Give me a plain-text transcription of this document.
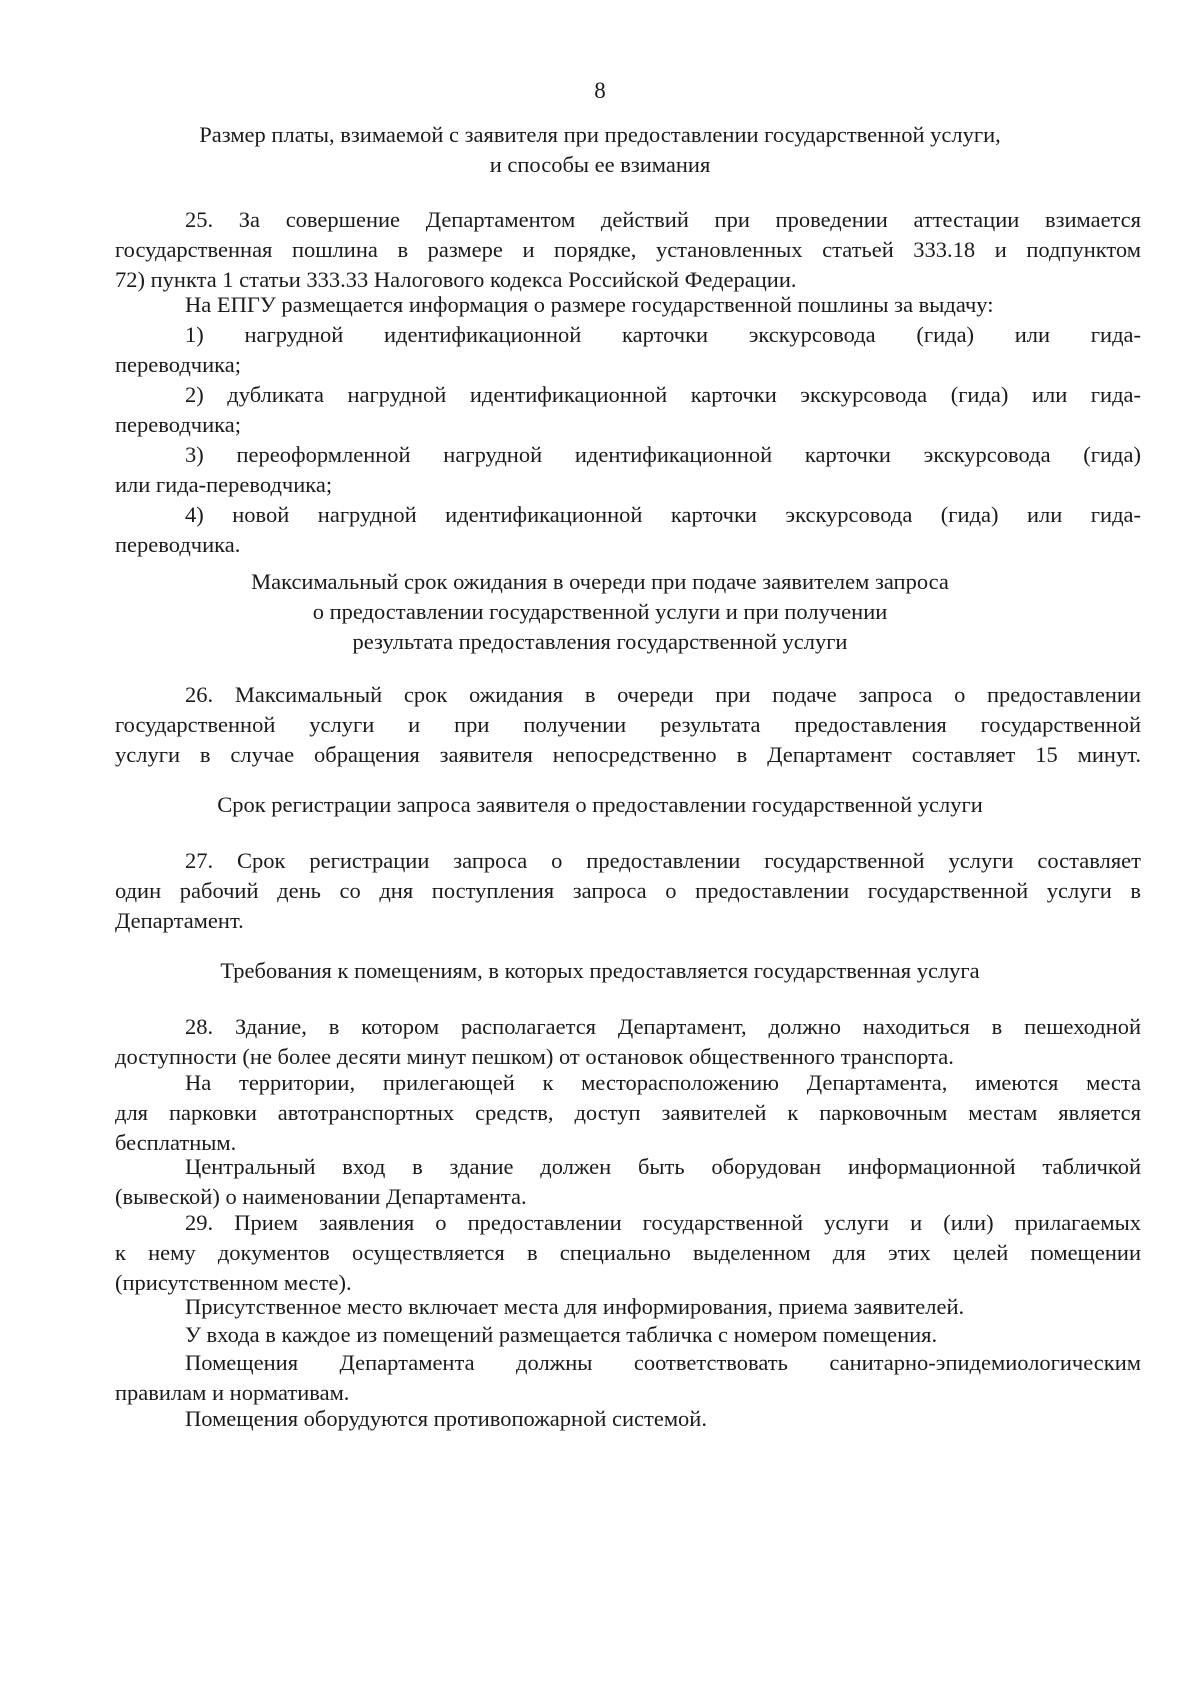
8
Размер платы, взимаемой с заявителя при предоставлении государственной услуги,
и способы ее взимания
25. За совершение Департаментом действий при проведении аттестации взимается
государственная пошлина в размере и порядке, установленных статьей 333.18 и подпунктом
72) пункта 1 статьи 333.33 Налогового кодекса Российской Федерации.
На ЕПГУ размещается информация о размере государственной пошлины за выдачу:
1) нагрудной идентификационной карточки экскурсовода (гида) или гида-
переводчика;
2) дубликата нагрудной идентификационной карточки экскурсовода (гида) или гида-
переводчика;
3) переоформленной нагрудной идентификационной карточки экскурсовода (гида)
или гида-переводчика;
4) новой нагрудной идентификационной карточки экскурсовода (гида) или гида-
переводчика.
Максимальный срок ожидания в очереди при подаче заявителем запроса
о предоставлении государственной услуги и при получении
результата предоставления государственной услуги
26. Максимальный срок ожидания в очереди при подаче запроса о предоставлении
государственной услуги и при получении результата предоставления государственной
услуги в случае обращения заявителя непосредственно в Департамент составляет 15 минут.
Срок регистрации запроса заявителя о предоставлении государственной услуги
27. Срок регистрации запроса о предоставлении государственной услуги составляет
один рабочий день со дня поступления запроса о предоставлении государственной услуги в
Департамент.
Требования к помещениям, в которых предоставляется государственная услуга
28. Здание, в котором располагается Департамент, должно находиться в пешеходной
доступности (не более десяти минут пешком) от остановок общественного транспорта.
На территории, прилегающей к месторасположению Департамента, имеются места
для парковки автотранспортных средств, доступ заявителей к парковочным местам является
бесплатным.
Центральный вход в здание должен быть оборудован информационной табличкой
(вывеской) о наименовании Департамента.
29. Прием заявления о предоставлении государственной услуги и (или) прилагаемых
к нему документов осуществляется в специально выделенном для этих целей помещении
(присутственном месте).
Присутственное место включает места для информирования, приема заявителей.
У входа в каждое из помещений размещается табличка с номером помещения.
Помещения Департамента должны соответствовать санитарно-эпидемиологическим
правилам и нормативам.
Помещения оборудуются противопожарной системой.
